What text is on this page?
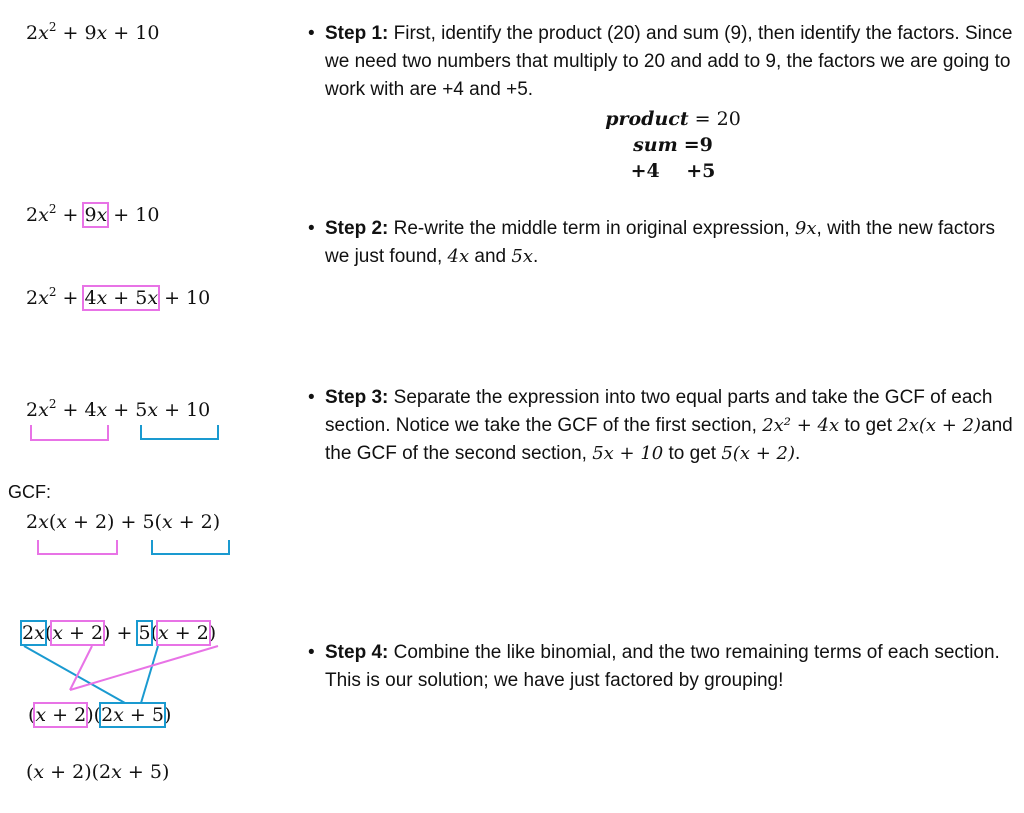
$2x^2 + 9x + 10$
$2x^2 + 9x + 10$
$2x^2 + 4x + 5x + 10$
$2x^2 + 4x + 5x + 10$
GCF:
2x(x + 2) + 5(x + 2)
2x(x + 2) + 5(x + 2)
(x + 2)(2x + 5)
(x + 2)(2x + 5)
• Step 1: First, identify the product (20) and sum (9), then identify the factors. Since we need two numbers that multiply to 20 and add to 9, the factors we are going to work with are +4 and +5.
product = 20
sum =9
+4    +5
• Step 2: Re-write the middle term in original expression, 9x, with the new factors we just found, 4x and 5x.
• Step 3: Separate the expression into two equal parts and take the GCF of each section. Notice we take the GCF of the first section, 2x² + 4x to get 2x(x + 2)and the GCF of the second section, 5x + 10 to get 5(x + 2).
• Step 4: Combine the like binomial, and the two remaining terms of each section. This is our solution; we have just factored by grouping!
